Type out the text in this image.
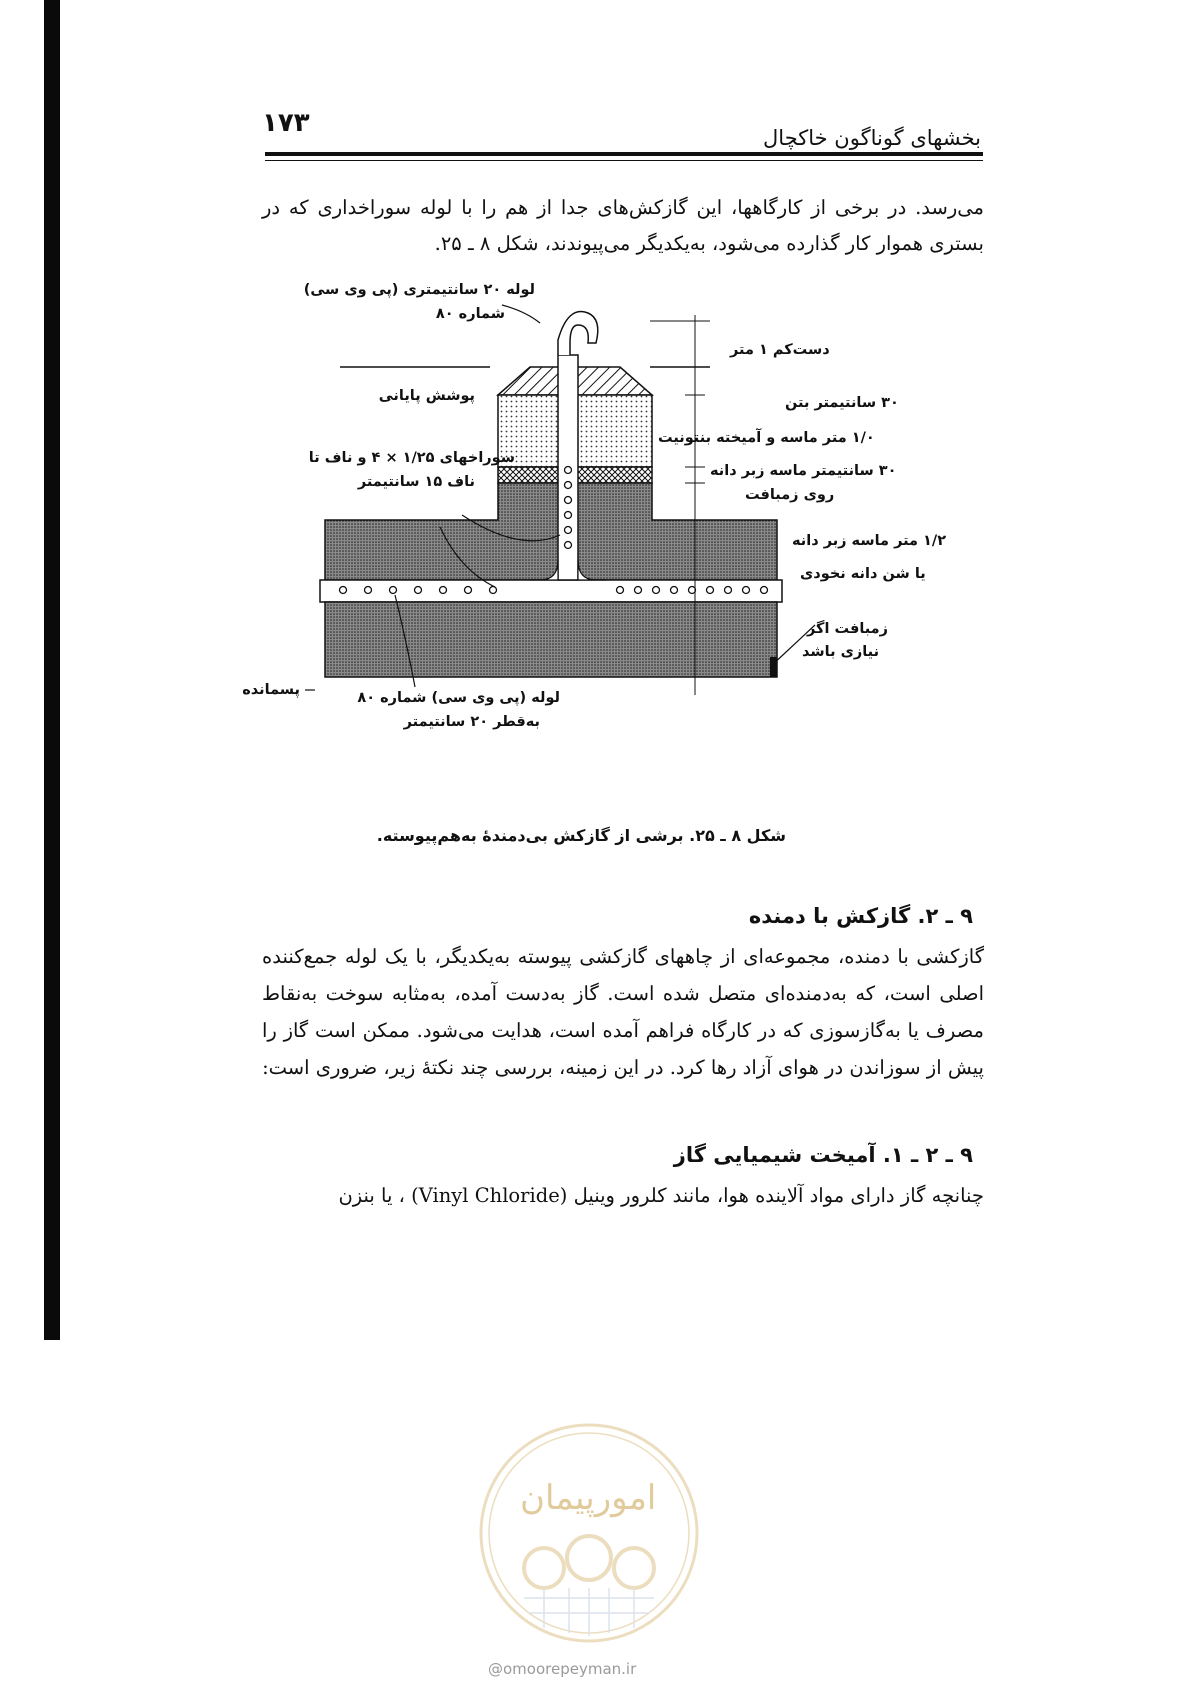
۱۷۳	بخشهای گوناگون خاکچال
می‌رسد. در برخی از کارگاهها، این گازکش‌های جدا از هم را با لوله سوراخداری که در بستری هموار کار گذارده می‌شود، به‌یکدیگر می‌پیوندند، شکل ۸ ـ ۲۵.
لوله ۲۰ سانتیمتری (پی وی سی)
شماره ۸۰
دست‌کم ۱ متر
پوشش پایانی	۳۰ سانتیمتر بتن
۱/۰ متر ماسه و آمیخته بنتونیت
سوراخهای ۱/۲۵ × ۴ و ناف تا
ناف ۱۵ سانتیمتر
۳۰ سانتیمتر ماسه زبر دانه
روی زمبافت
۱/۲ متر ماسه زبر دانه
یا شن دانه نخودی
زمبافت اگر
نیازی باشد
پسمانده	لوله (پی وی سی) شماره ۸۰
به‌قطر ۲۰ سانتیمتر
شکل ۸ ـ ۲۵. برشی از گازکش بی‌دمندهٔ به‌هم‌پیوسته.
۹ ـ ۲. گازکش با دمنده
گازکشی با دمنده، مجموعه‌ای از چاههای گازکشی پیوسته به‌یکدیگر، با یک لوله جمع‌کننده اصلی است، که به‌دمنده‌ای متصل شده است. گاز به‌دست آمده، به‌مثابه سوخت به‌نقاط مصرف یا به‌گازسوزی که در کارگاه فراهم آمده است، هدایت می‌شود. ممکن است گاز را پیش از سوزاندن در هوای آزاد رها کرد. در این زمینه، بررسی چند نکتهٔ زیر، ضروری است:
۹ ـ ۲ ـ ۱. آمیخت شیمیایی گاز
چنانچه گاز دارای مواد آلاینده هوا، مانند کلرور وینیل (Vinyl Chloride) ، یا بنزن
امورپیمان
@omoorepeyman.ir
